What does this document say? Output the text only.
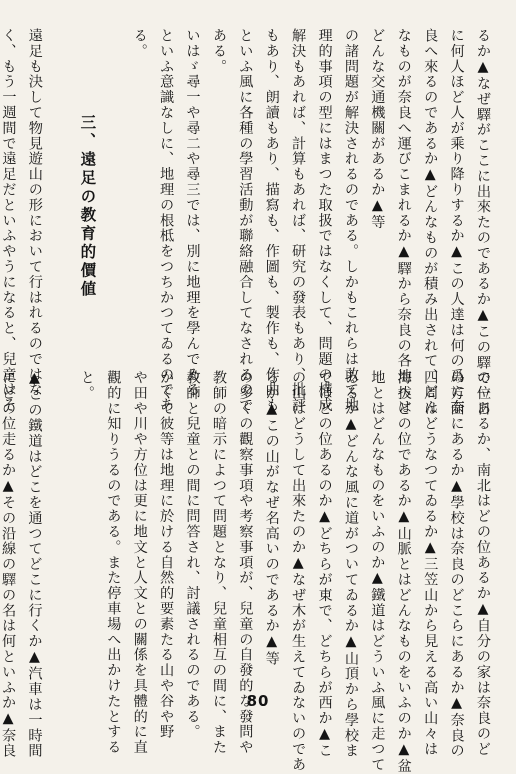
るか▲なぜ驛がここに出來たのであるか▲この驛で一日
に何人ほど人が乘り降りするか▲この人達は何の爲に奈
良へ來るのであるか▲どんなものが積み出されて、どん
なものが奈良へ運びこまれるか▲驛から奈良の各地へは
どんな交通機關があるか▲等
の諸問題が解決されるのである。しかもこれらは敢て地
理的事項の型にはまつた取扱ではなくして、問題の構成
解決もあれば、計算もあれば、研究の發表もあり、批評
もあり、朗讀もあり、描寫も、作圖も、製作も、作曲も
といふ風に各種の學習活動が聯絡融合してなされるので
ある。
いはゞ尋一や尋二や尋三では、別に地理を學んでゐる
といふ意識なしに、地理の根柢をつちかつてゐるのであ
る。
三、遠足の教育的價値
遠足も決して物見遊山の形において行はれるのではな
く、もう一週間で遠足だといふやうになると、兒童はそ
の位あるか、南北はどの位あるか▲自分の家は奈良のど
の方面にあるか▲學校は奈良のどこらにあるか▲奈良の
四周はどうなつてゐるか▲三笠山から見える高い山々は
海拔どの位であるか▲山脈とはどんなものをいふのか▲盆
地とはどんなものをいふのか▲鐵道はどういふ風に走つて
ゐるか▲どんな風に道がついてゐるか▲山頂から學校ま
ではどの位あるのか▲どちらが東で、どちらが西か▲こ
の山はどうして出來たのか▲なぜ木が生えてゐないのであ
るか▲この山がなぜ名高いのであるか▲等
の多くの觀察事項や考察事項が、兒童の自發的な發問や
教師の暗示によつて問題となり、兒童相互の間に、また
教師と兒童との間に問答され、討議されるのである。
かくて彼等は地理に於ける自然的要素たる山や谷や野
や田や川や方位は更に地文と人文との關係を具體的に直
觀的に知りうるのである。また停車場へ出かけたとする
と。
▲この鐵道はどこを通つてどこに行くか▲汽車は一時間
にどの位走るか▲その沿線の驛の名は何といふか▲奈良	80
